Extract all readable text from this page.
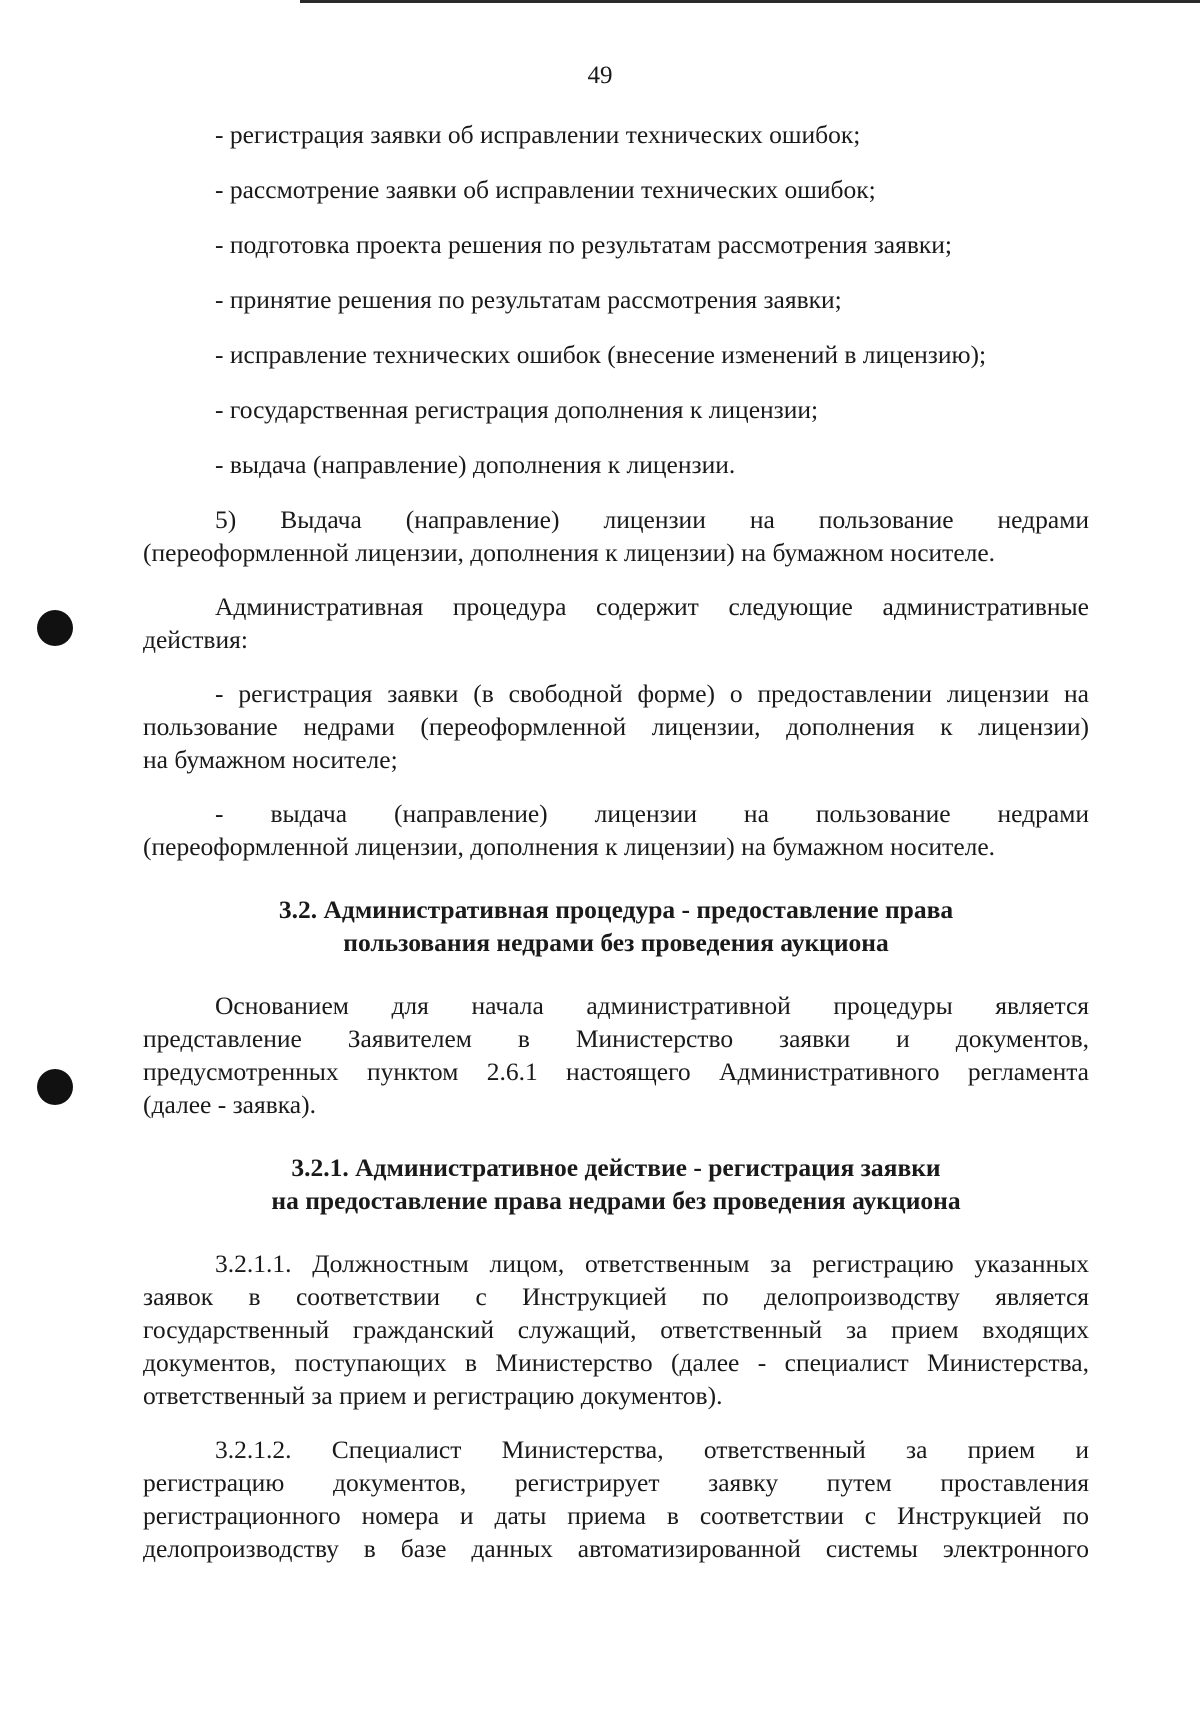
49
- регистрация заявки об исправлении технических ошибок;
- рассмотрение заявки об исправлении технических ошибок;
- подготовка проекта решения по результатам рассмотрения заявки;
- принятие решения по результатам рассмотрения заявки;
- исправление технических ошибок (внесение изменений в лицензию);
- государственная регистрация дополнения к лицензии;
- выдача (направление) дополнения к лицензии.
5) Выдача (направление) лицензии на пользование недрами
(переоформленной лицензии, дополнения к лицензии) на бумажном носителе.
Административная процедура содержит следующие административные
действия:
- регистрация заявки (в свободной форме) о предоставлении лицензии на
пользование недрами (переоформленной лицензии, дополнения к лицензии)
на бумажном носителе;
- выдача (направление) лицензии на пользование недрами
(переоформленной лицензии, дополнения к лицензии) на бумажном носителе.
3.2. Административная процедура - предоставление права
пользования недрами без проведения аукциона
Основанием для начала административной процедуры является
представление Заявителем в Министерство заявки и документов,
предусмотренных пунктом 2.6.1 настоящего Административного регламента
(далее - заявка).
3.2.1. Административное действие - регистрация заявки
на предоставление права недрами без проведения аукциона
3.2.1.1. Должностным лицом, ответственным за регистрацию указанных
заявок в соответствии с Инструкцией по делопроизводству является
государственный гражданский служащий, ответственный за прием входящих
документов, поступающих в Министерство (далее - специалист Министерства,
ответственный за прием и регистрацию документов).
3.2.1.2. Специалист Министерства, ответственный за прием и
регистрацию документов, регистрирует заявку путем проставления
регистрационного номера и даты приема в соответствии с Инструкцией по
делопроизводству в базе данных автоматизированной системы электронного
